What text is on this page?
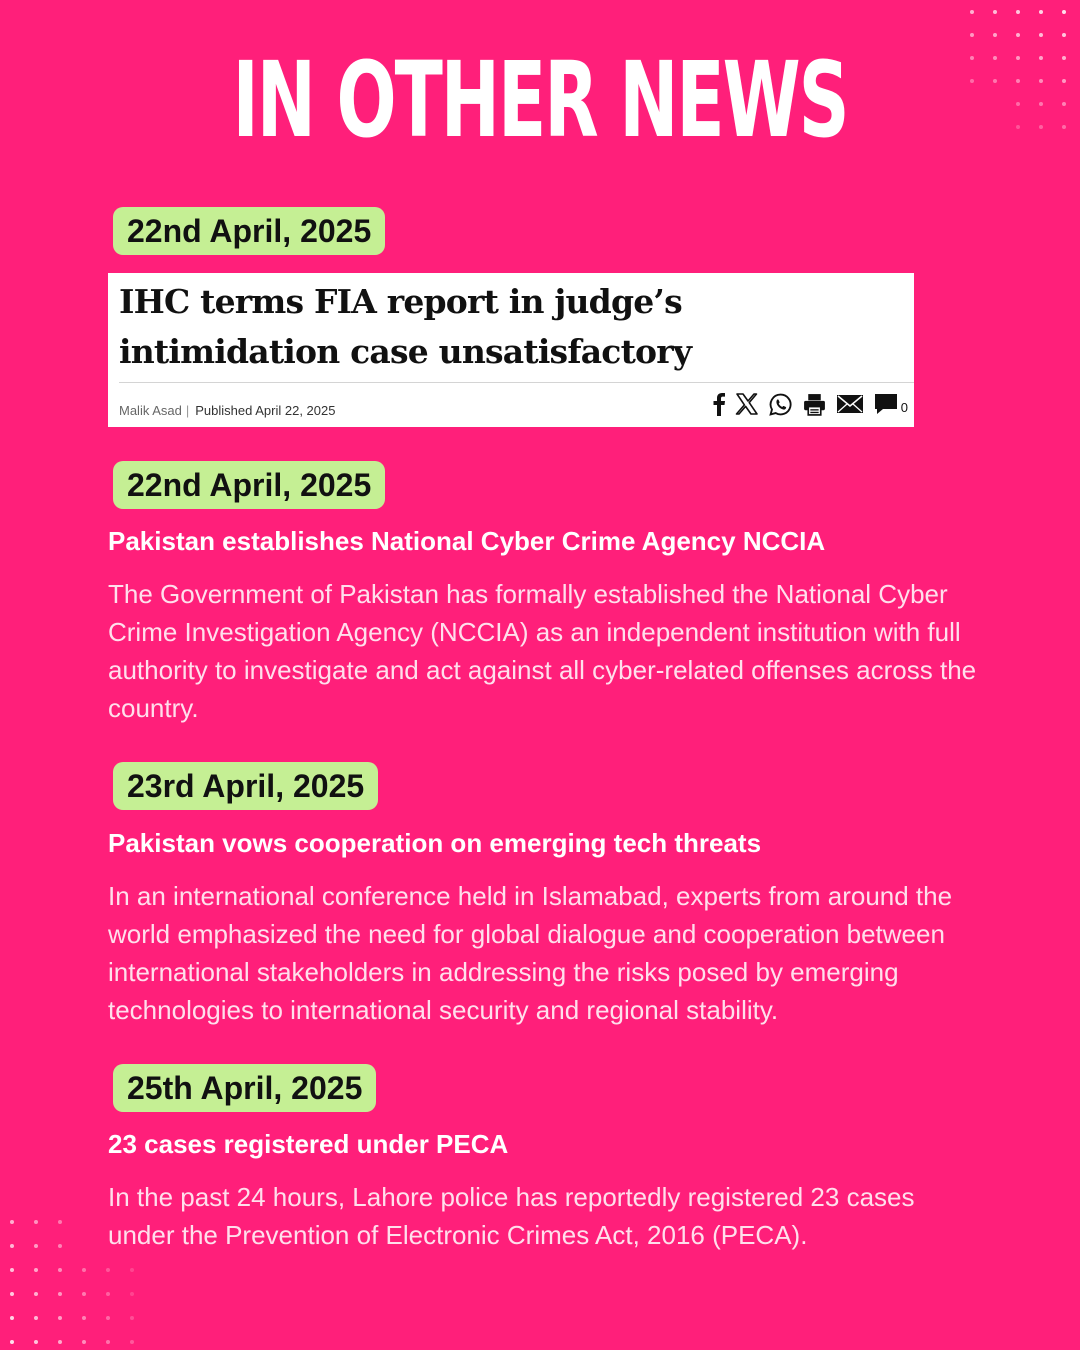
IN OTHER NEWS
22nd April, 2025
IHC terms FIA report in judge’s intimidation case unsatisfactory
Malik Asad | Published April 22, 2025	0
22nd April, 2025
Pakistan establishes National Cyber Crime Agency NCCIA
The Government of Pakistan has formally established the National Cyber Crime Investigation Agency (NCCIA) as an independent institution with full authority to investigate and act against all cyber-related offenses across the country.
23rd April, 2025
Pakistan vows cooperation on emerging tech threats
In an international conference held in Islamabad, experts from around the world emphasized the need for global dialogue and cooperation between international stakeholders in addressing the risks posed by emerging technologies to international security and regional stability.
25th April, 2025
23 cases registered under PECA
In the past 24 hours, Lahore police has reportedly registered 23 cases under the Prevention of Electronic Crimes Act, 2016 (PECA).
